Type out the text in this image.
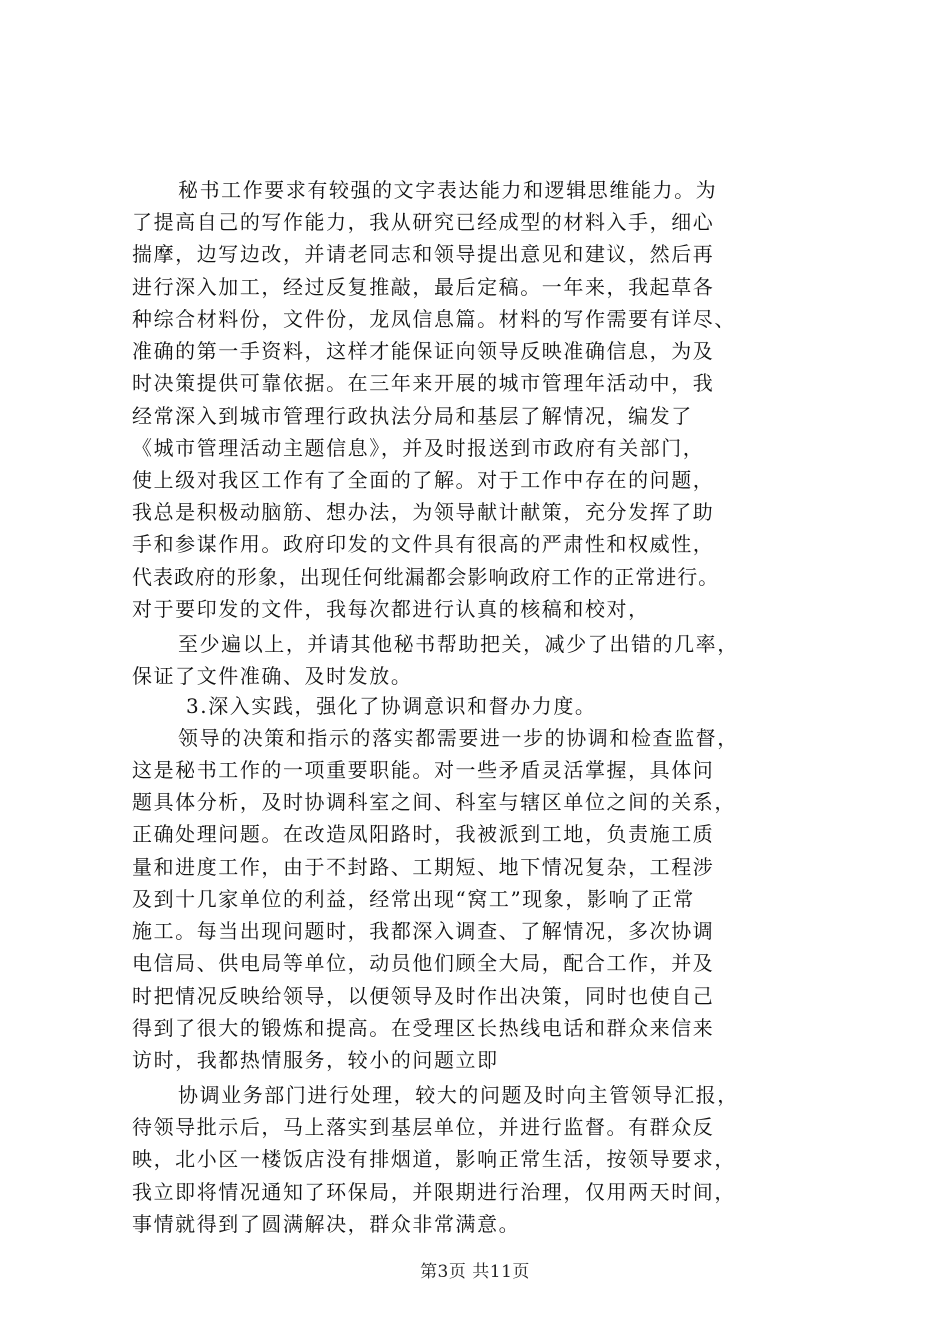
秘书工作要求有较强的文字表达能力和逻辑思维能力。为
了提高自己的写作能力，我从研究已经成型的材料入手，细心
揣摩，边写边改，并请老同志和领导提出意见和建议，然后再
进行深入加工，经过反复推敲，最后定稿。一年来，我起草各
种综合材料份，文件份，龙凤信息篇。材料的写作需要有详尽、
准确的第一手资料，这样才能保证向领导反映准确信息，为及
时决策提供可靠依据。在三年来开展的城市管理年活动中，我
经常深入到城市管理行政执法分局和基层了解情况，编发了
《城市管理活动主题信息》，并及时报送到市政府有关部门，
使上级对我区工作有了全面的了解。对于工作中存在的问题，
我总是积极动脑筋、想办法，为领导献计献策，充分发挥了助
手和参谋作用。政府印发的文件具有很高的严肃性和权威性，
代表政府的形象，出现任何纰漏都会影响政府工作的正常进行。
对于要印发的文件，我每次都进行认真的核稿和校对，
至少遍以上，并请其他秘书帮助把关，减少了出错的几率，
保证了文件准确、及时发放。
3.深入实践，强化了协调意识和督办力度。
领导的决策和指示的落实都需要进一步的协调和检查监督，
这是秘书工作的一项重要职能。对一些矛盾灵活掌握，具体问
题具体分析，及时协调科室之间、科室与辖区单位之间的关系，
正确处理问题。在改造凤阳路时，我被派到工地，负责施工质
量和进度工作，由于不封路、工期短、地下情况复杂，工程涉
及到十几家单位的利益，经常出现“窝工”现象，影响了正常
施工。每当出现问题时，我都深入调查、了解情况，多次协调
电信局、供电局等单位，动员他们顾全大局，配合工作，并及
时把情况反映给领导，以便领导及时作出决策，同时也使自己
得到了很大的锻炼和提高。在受理区长热线电话和群众来信来
访时，我都热情服务，较小的问题立即
协调业务部门进行处理，较大的问题及时向主管领导汇报，
待领导批示后，马上落实到基层单位，并进行监督。有群众反
映，北小区一楼饭店没有排烟道，影响正常生活，按领导要求，
我立即将情况通知了环保局，并限期进行治理，仅用两天时间，
事情就得到了圆满解决，群众非常满意。
第3页 共11页
